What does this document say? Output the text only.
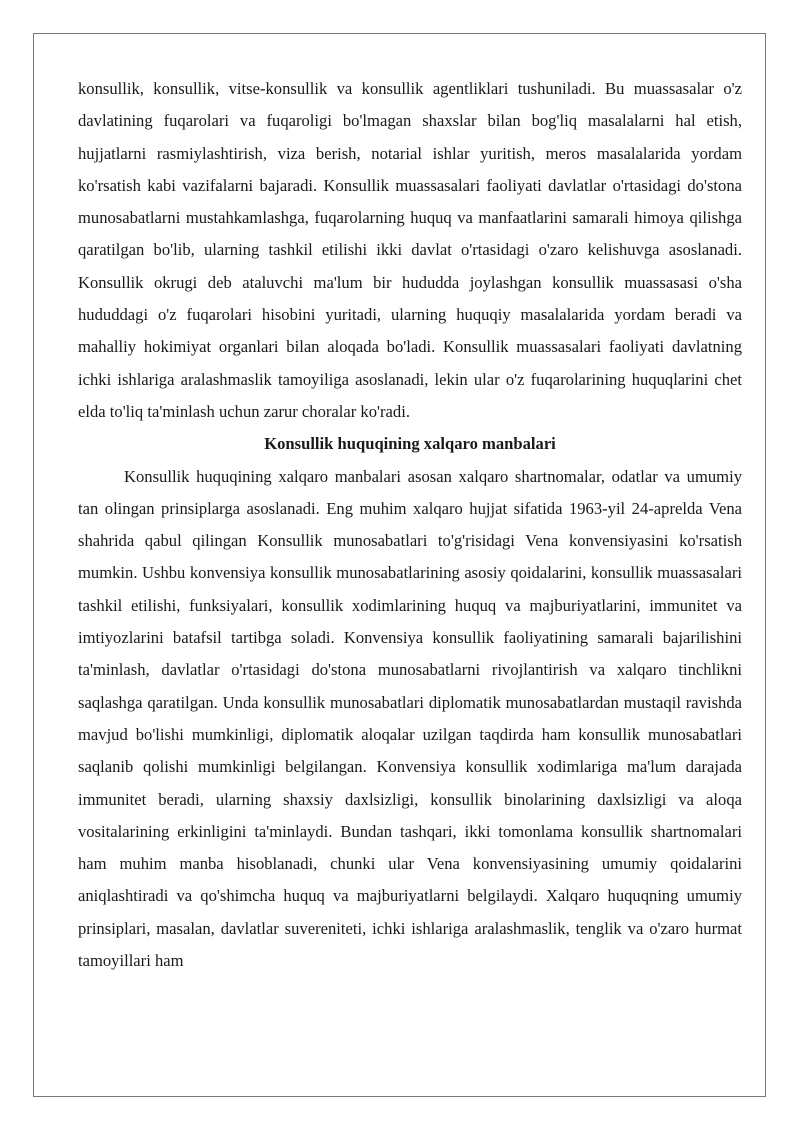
konsullik, konsullik, vitse-konsullik va konsullik agentliklari tushuniladi. Bu muassasalar o'z davlatining fuqarolari va fuqaroligi bo'lmagan shaxslar bilan bog'liq masalalarni hal etish, hujjatlarni rasmiylashtirish, viza berish, notarial ishlar yuritish, meros masalalarida yordam ko'rsatish kabi vazifalarni bajaradi. Konsullik muassasalari faoliyati davlatlar o'rtasidagi do'stona munosabatlarni mustahkamlashga, fuqarolarning huquq va manfaatlarini samarali himoya qilishga qaratilgan bo'lib, ularning tashkil etilishi ikki davlat o'rtasidagi o'zaro kelishuvga asoslanadi. Konsullik okrugi deb ataluvchi ma'lum bir hududda joylashgan konsullik muassasasi o'sha hududdagi o'z fuqarolari hisobini yuritadi, ularning huquqiy masalalarida yordam beradi va mahalliy hokimiyat organlari bilan aloqada bo'ladi. Konsullik muassasalari faoliyati davlatning ichki ishlariga aralashmaslik tamoyiliga asoslanadi, lekin ular o'z fuqarolarining huquqlarini chet elda to'liq ta'minlash uchun zarur choralar ko'radi.

Konsullik huquqining xalqaro manbalari

Konsullik huquqining xalqaro manbalari asosan xalqaro shartnomalar, odatlar va umumiy tan olingan prinsiplarga asoslanadi. Eng muhim xalqaro hujjat sifatida 1963-yil 24-aprelda Vena shahrida qabul qilingan Konsullik munosabatlari to'g'risidagi Vena konvensiyasini ko'rsatish mumkin. Ushbu konvensiya konsullik munosabatlarining asosiy qoidalarini, konsullik muassasalari tashkil etilishi, funksiyalari, konsullik xodimlarining huquq va majburiyatlarini, immunitet va imtiyozlarini batafsil tartibga soladi. Konvensiya konsullik faoliyatining samarali bajarilishini ta'minlash, davlatlar o'rtasidagi do'stona munosabatlarni rivojlantirish va xalqaro tinchlikni saqlashga qaratilgan. Unda konsullik munosabatlari diplomatik munosabatlardan mustaqil ravishda mavjud bo'lishi mumkinligi, diplomatik aloqalar uzilgan taqdirda ham konsullik munosabatlari saqlanib qolishi mumkinligi belgilangan. Konvensiya konsullik xodimlariga ma'lum darajada immunitet beradi, ularning shaxsiy daxlsizligi, konsullik binolarining daxlsizligi va aloqa vositalarining erkinligini ta'minlaydi. Bundan tashqari, ikki tomonlama konsullik shartnomalari ham muhim manba hisoblanadi, chunki ular Vena konvensiyasining umumiy qoidalarini aniqlashtiradi va qo'shimcha huquq va majburiyatlarni belgilaydi. Xalqaro huquqning umumiy prinsiplari, masalan, davlatlar suvereniteti, ichki ishlariga aralashmaslik, tenglik va o'zaro hurmat tamoyillari ham
